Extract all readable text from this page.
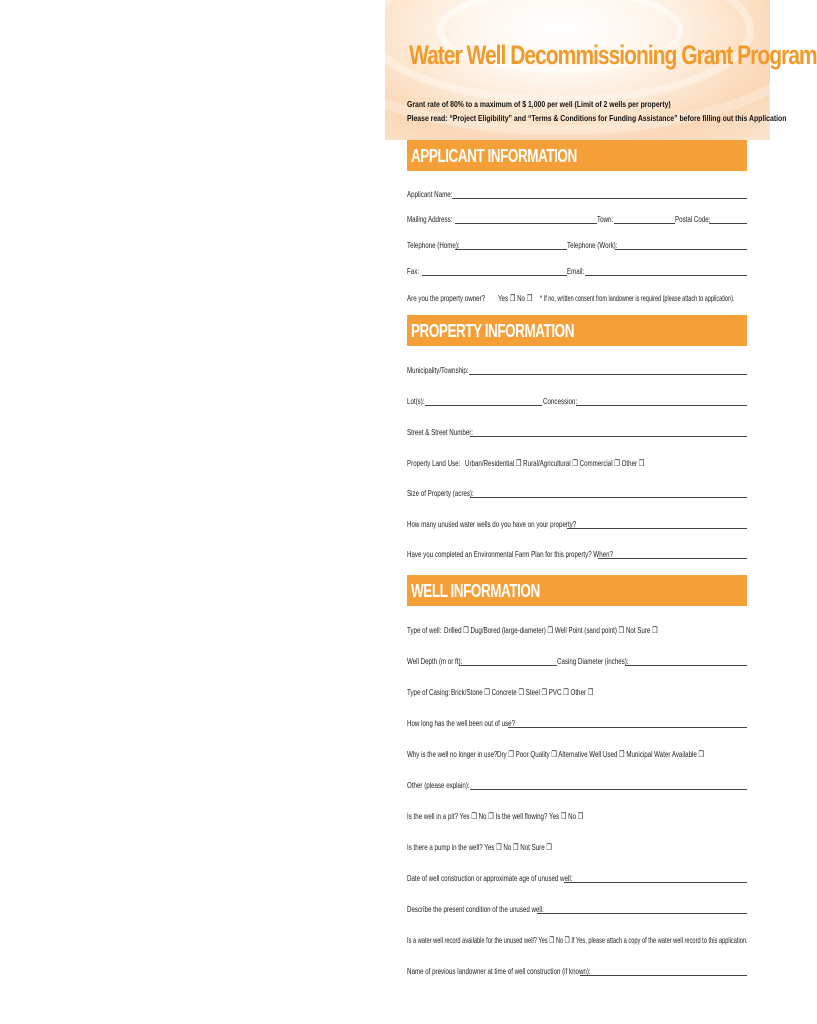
Water Well Decommissioning Grant Program
Grant rate of 80% to a maximum of $ 1,000 per well (Limit of 2 wells per property)
Please read: “Project Eligibility” and “Terms & Conditions for Funding Assistance” before filling out this Application
APPLICANT INFORMATION
Applicant Name:
Mailing Address:	Town:	Postal Code:
Telephone (Home):	Telephone (Work):
Fax:	Email:
Are you the property owner? Yes ❒ No ❒ * If no, written consent from landowner is required (please attach to application).
PROPERTY INFORMATION
Municipality/Township:
Lot(s):	Concession:
Street & Street Number:
Property Land Use: Urban/Residential ❒ Rural/Agricultural ❒ Commercial ❒ Other ❒
Size of Property (acres):
How many unused water wells do you have on your property?
Have you completed an Environmental Farm Plan for this property? When?
WELL INFORMATION
Type of well: Drilled ❒ Dug/Bored (large-diameter) ❒ Well Point (sand point) ❒ Not Sure ❒
Well Depth (m or ft):	Casing Diameter (inches):
Type of Casing: Brick/Stone ❒ Concrete ❒ Steel ❒ PVC ❒ Other ❒
How long has the well been out of use?
Why is the well no longer in use? Dry ❒ Poor Quality ❒ Alternative Well Used ❒ Municipal Water Available ❒
Other (please explain):
Is the well in a pit? Yes ❒ No ❒ Is the well flowing? Yes ❒ No ❒
Is there a pump in the well? Yes ❒ No ❒ Not Sure ❒
Date of well construction or approximate age of unused well:
Describe the present condition of the unused well:
Is a water well record available for the unused well? Yes ❒ No ❒ If Yes, please attach a copy of the water well record to this application.
Name of previous landowner at time of well construction (if known):
